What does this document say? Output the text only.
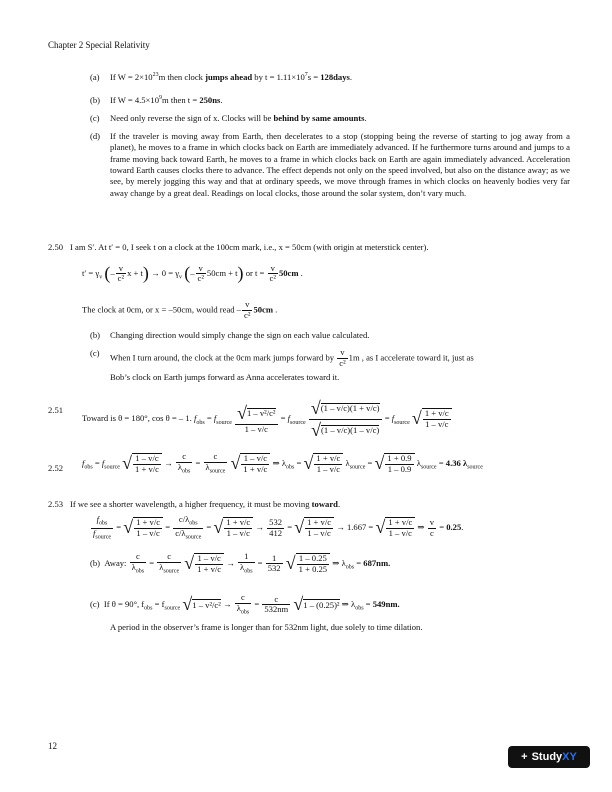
Chapter 2 Special Relativity
(a) If $W = 2\times 10^{23}m$ then clock jumps ahead by $t = 1.11\times 10^7s$ = 128days.
(b) If $W = 4.5\times 10^9m$ then t = 250ns.
(c) Need only reverse the sign of x. Clocks will be behind by same amounts.
(d) If the traveler is moving away from Earth, then decelerates to a stop (stopping being the reverse of starting to jog away from a planet), he moves to a frame in which clocks back on Earth are immediately advanced. If he furthermore turns around and jumps to a frame moving back toward Earth, he moves to a frame in which clocks back on Earth are again immediately advanced. Acceleration toward Earth causes clocks there to advance. The effect depends not only on the speed involved, but also on the distance away; as we see, by merely jogging this way and that at ordinary speeds, we move through frames in which clocks on heavenly bodies very far away change by a great deal. Readings on local clocks, those around the solar system, don’t vary much.
2.50 I am S′. At t′ = 0, I seek t on a clock at the 100cm mark, i.e., x = 50cm (with origin at meterstick center).
$t' = \gamma_v$ (– $\frac{v}{\text{c²}}$ $x + t) \to 0 = \gamma_v$ (– $\frac{v}{\text{c²}} 50cm + t$) or $t = \frac{v}{\text{c²}} 50cm$ .
The clock at 0cm, or x = –50cm, would read – $\frac{v}{\text{c²}} 50cm$ .
(b) Changing direction would simply change the sign on each value calculated.
(c) When I turn around, the clock at the 0cm mark jumps forward by $\frac{v}{\text{c²}} 1m$ , as I accelerate toward it, just as
Bob’s clock on Earth jumps forward as Anna accelerates toward it.
2.51
Toward is θ = 180°, cos θ = – 1. $f_{obs} = f_{source} \frac{\text{√1 – v²/c²}}{1 - v/c} = f_{source} \frac{√(1 - v/c)(1 + v/c)}{√(1 - v/c)(1 - v/c)} = f_{source}$ √ $\frac{1 + v/c}{1 - v/c}$
2.52
$f_{obs} = f_{source}$ √ $\frac{1 - v/c}{1 + v/c} \to \frac{c}{\lambda_{obs}} = \frac{c}{\lambda_{source}}$ √ $\frac{1 - v/c}{1 + v/c}$ ⇒ $\lambda_{obs}$ = √ $\frac{1 + v/c}{1 - v/c} \lambda_{source}$ = √ $\frac{1 + 0.9}{1 - 0.9} \lambda_{source} = 4.36$ $\lambda_{source}$
2.53 If we see a shorter wavelength, a higher frequency, it must be moving toward.
$\frac{f_{obs}}{f_{source}}$ = √ $\frac{1 + v/c}{1 - v/c} = \frac{c/\lambda_{obs}}{c/\lambda_{source}}$ = √ $\frac{1 + v/c}{1 - v/c} \to \frac{532}{412}$ = √ $\frac{1 + v/c}{1 - v/c} \to 1.667$ = √ $\frac{1 + v/c}{1 - v/c}$ ⇒ $\frac{v}{c} = 0.25$.
(b) Away: $\frac{c}{\lambda_{obs}} = \frac{c}{\lambda_{source}}$ √ $\frac{1 - v/c}{1 + v/c} \to \frac{1}{\lambda_{obs}} = \frac{1}{532}$ √ $\frac{1 - 0.25}{1 + 0.25}$ ⇒ $\lambda_{obs} = 687nm$.
(c) If θ = 90°, $f_{obs} = f_{source}$ $√1 - v^2/c^2 \to \frac{c}{\lambda_{obs}} = \frac{c}{532nm} √1 - (0.25)^2$ ⇒ $\lambda_{obs} = 549nm$.
A period in the observer’s frame is longer than for 532nm light, due solely to time dilation.
12
+ Study XY
